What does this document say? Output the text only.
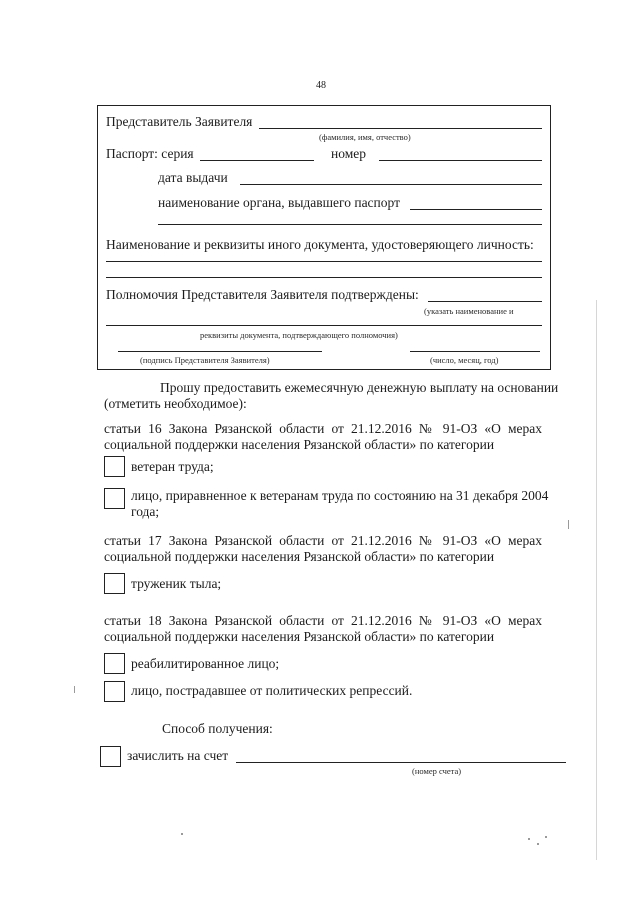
48
Представитель Заявителя
(фамилия, имя, отчество)
Паспорт: серия	номер
дата выдачи
наименование органа, выдавшего паспорт
Наименование и реквизиты иного документа, удостоверяющего личность:
Полномочия Представителя Заявителя подтверждены:
(указать наименование и
реквизиты документа, подтверждающего полномочия)
(подпись Представителя Заявителя)	(число, месяц, год)
Прошу предоставить ежемесячную денежную выплату на основании
(отметить необходимое):
статьи 16 Закона Рязанской области от 21.12.2016 № 91-ОЗ «О мерах
социальной поддержки населения Рязанской области» по категории
ветеран труда;
лицо, приравненное к ветеранам труда по состоянию на 31 декабря 2004
года;
статьи 17 Закона Рязанской области от 21.12.2016 № 91-ОЗ «О мерах
социальной поддержки населения Рязанской области» по категории
труженик тыла;
статьи 18 Закона Рязанской области от 21.12.2016 № 91-ОЗ «О мерах
социальной поддержки населения Рязанской области» по категории
реабилитированное лицо;
лицо, пострадавшее от политических репрессий.
Способ получения:
зачислить на счет
(номер счета)
